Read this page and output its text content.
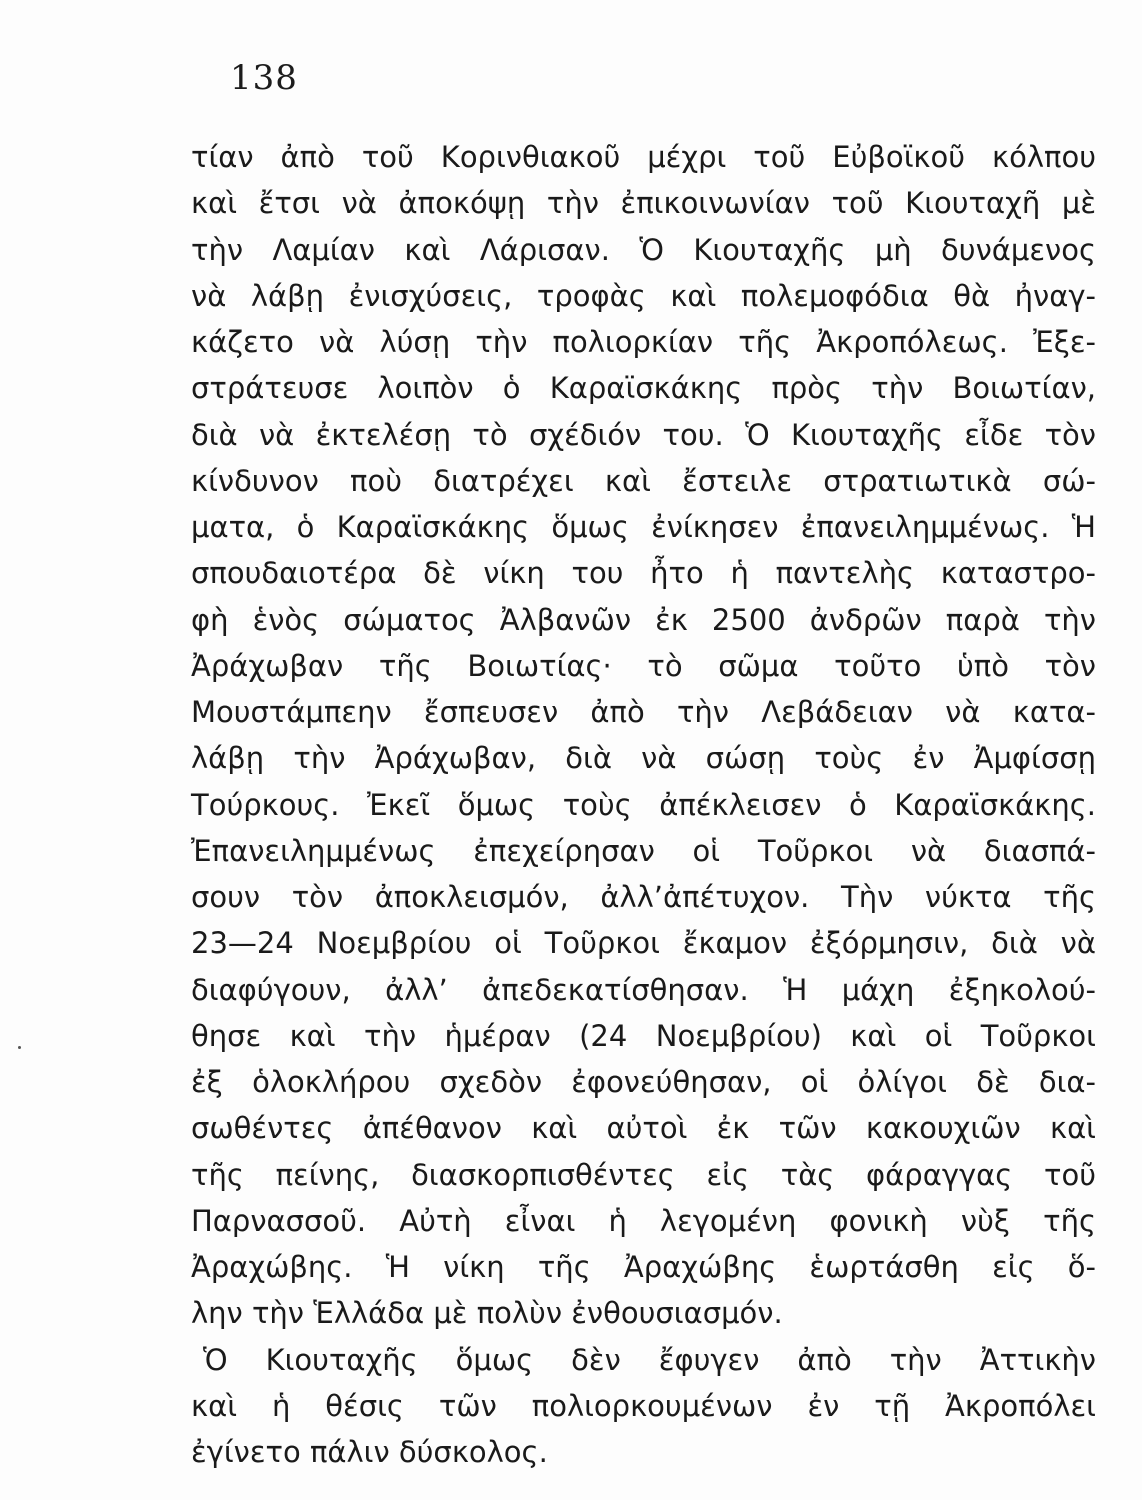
138
τίαν ἀπὸ τοῦ Κορινθιακοῦ μέχρι τοῦ Εὐβοϊκοῦ κόλπου
καὶ ἔτσι νὰ ἀποκόψῃ τὴν ἐπικοινωνίαν τοῦ Κιουταχῆ μὲ
τὴν Λαμίαν καὶ Λάρισαν. Ὁ Κιουταχῆς μὴ δυνάμενος
νὰ λάβῃ ἐνισχύσεις, τροφὰς καὶ πολεμοφόδια θὰ ἠναγ-
κάζετο νὰ λύσῃ τὴν πολιορκίαν τῆς Ἀκροπόλεως. Ἐξε-
στράτευσε λοιπὸν ὁ Καραϊσκάκης πρὸς τὴν Βοιωτίαν,
διὰ νὰ ἐκτελέσῃ τὸ σχέδιόν του. Ὁ Κιουταχῆς εἶδε τὸν
κίνδυνον ποὺ διατρέχει καὶ ἔστειλε στρατιωτικὰ σώ-
ματα, ὁ Καραϊσκάκης ὅμως ἐνίκησεν ἐπανειλημμένως. Ἡ
σπουδαιοτέρα δὲ νίκη του ἦτο ἡ παντελὴς καταστρο-
φὴ ἑνὸς σώματος Ἀλβανῶν ἐκ 2500 ἀνδρῶν παρὰ τὴν
Ἀράχωβαν τῆς Βοιωτίας· τὸ σῶμα τοῦτο ὑπὸ τὸν
Μουστάμπεην ἔσπευσεν ἀπὸ τὴν Λεβάδειαν νὰ κατα-
λάβῃ τὴν Ἀράχωβαν, διὰ νὰ σώσῃ τοὺς ἐν Ἀμφίσσῃ
Τούρκους. Ἐκεῖ ὅμως τοὺς ἀπέκλεισεν ὁ Καραϊσκάκης.
Ἐπανειλημμένως ἐπεχείρησαν οἱ Τοῦρκοι νὰ διασπά-
σουν τὸν ἀποκλεισμόν, ἀλλ’ἀπέτυχον. Τὴν νύκτα τῆς
23—24 Νοεμβρίου οἱ Τοῦρκοι ἔκαμον ἐξόρμησιν, διὰ νὰ
διαφύγουν, ἀλλ’ ἀπεδεκατίσθησαν. Ἡ μάχη ἐξηκολού-
θησε καὶ τὴν ἡμέραν (24 Νοεμβρίου) καὶ οἱ Τοῦρκοι
ἐξ ὁλοκλήρου σχεδὸν ἐφονεύθησαν, οἱ ὀλίγοι δὲ δια-
σωθέντες ἀπέθανον καὶ αὐτοὶ ἐκ τῶν κακουχιῶν καὶ
τῆς πείνης, διασκορπισθέντες εἰς τὰς φάραγγας τοῦ
Παρνασσοῦ. Αὐτὴ εἶναι ἡ λεγομένη φονικὴ νὺξ τῆς
Ἀραχώβης. Ἡ νίκη τῆς Ἀραχώβης ἑωρτάσθη εἰς ὅ-
λην τὴν Ἑλλάδα μὲ πολὺν ἐνθουσιασμόν.
Ὁ Κιουταχῆς ὅμως δὲν ἔφυγεν ἀπὸ τὴν Ἀττικὴν
καὶ ἡ θέσις τῶν πολιορκουμένων ἐν τῇ Ἀκροπόλει
ἐγίνετο πάλιν δύσκολος.
